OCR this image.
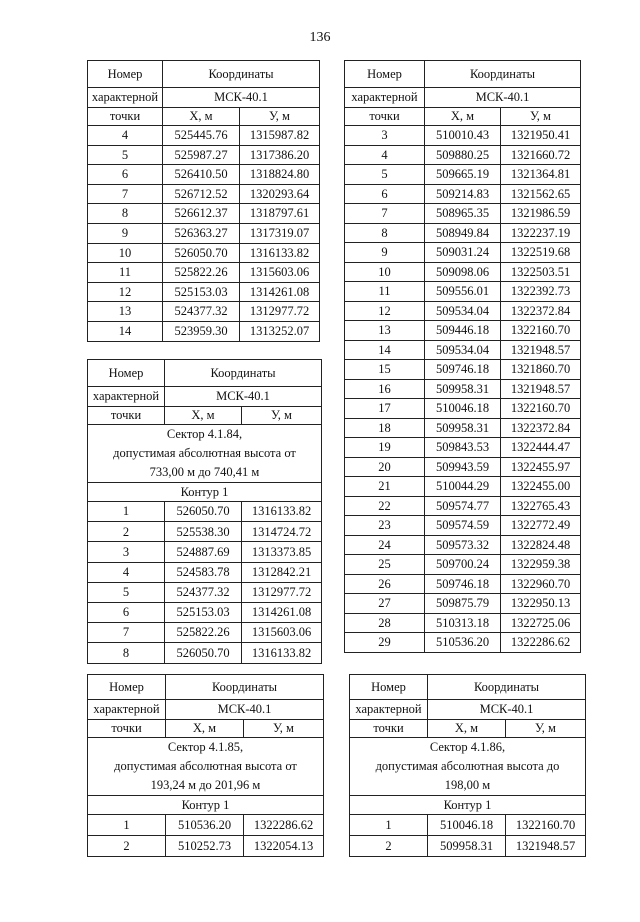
136
Номер	Координаты	
характерной	МСК-40.1	
точки	Х, м	У, м
4	525445.76	1315987.82
5	525987.27	1317386.20
6	526410.50	1318824.80
7	526712.52	1320293.64
8	526612.37	1318797.61
9	526363.27	1317319.07
10	526050.70	1316133.82
11	525822.26	1315603.06
12	525153.03	1314261.08
13	524377.32	1312977.72
14	523959.30	1313252.07
Номер	Координаты	
характерной	МСК-40.1	
точки	Х, м	У, м
3	510010.43	1321950.41
4	509880.25	1321660.72
5	509665.19	1321364.81
6	509214.83	1321562.65
7	508965.35	1321986.59
8	508949.84	1322237.19
9	509031.24	1322519.68
10	509098.06	1322503.51
11	509556.01	1322392.73
12	509534.04	1322372.84
13	509446.18	1322160.70
14	509534.04	1321948.57
15	509746.18	1321860.70
16	509958.31	1321948.57
17	510046.18	1322160.70
18	509958.31	1322372.84
19	509843.53	1322444.47
20	509943.59	1322455.97
21	510044.29	1322455.00
22	509574.77	1322765.43
23	509574.59	1322772.49
24	509573.32	1322824.48
25	509700.24	1322959.38
26	509746.18	1322960.70
27	509875.79	1322950.13
28	510313.18	1322725.06
29	510536.20	1322286.62
Номер	Координаты	
характерной	МСК-40.1	
точки	Х, м	У, м

Сектор 4.1.84,
допустимая абсолютная высота от
733,00 м до 740,41 м		

Контур 1		
1	526050.70	1316133.82
2	525538.30	1314724.72
3	524887.69	1313373.85
4	524583.78	1312842.21
5	524377.32	1312977.72
6	525153.03	1314261.08
7	525822.26	1315603.06
8	526050.70	1316133.82
Номер	Координаты	
характерной	МСК-40.1	
точки	Х, м	У, м

Сектор 4.1.85,
допустимая абсолютная высота от
193,24 м до 201,96 м		

Контур 1		
1	510536.20	1322286.62
2	510252.73	1322054.13
Номер	Координаты	
характерной	МСК-40.1	
точки	Х, м	У, м

Сектор 4.1.86,
допустимая абсолютная высота до
198,00 м		

Контур 1		
1	510046.18	1322160.70
2	509958.31	1321948.57
